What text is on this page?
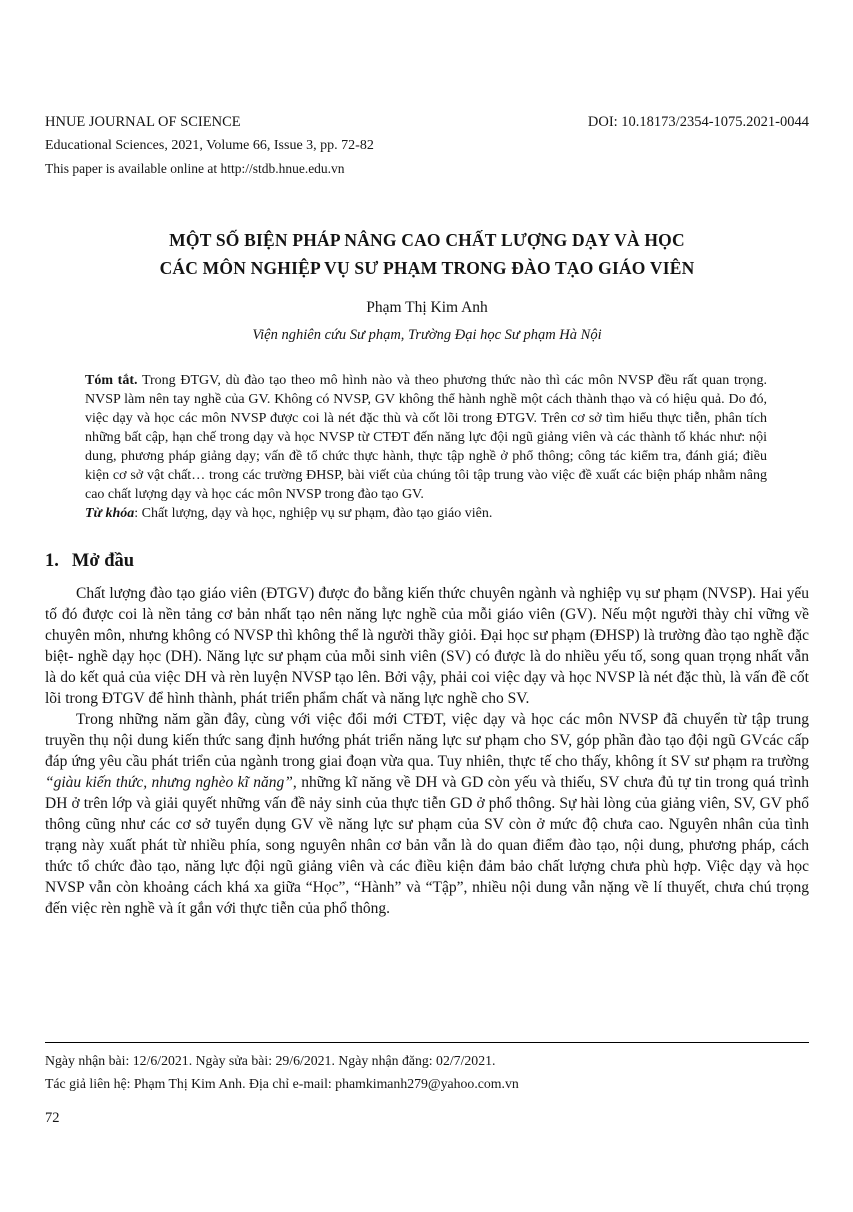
HNUE JOURNAL OF SCIENCE	DOI: 10.18173/2354-1075.2021-0044
Educational Sciences, 2021, Volume 66, Issue 3, pp. 72-82
This paper is available online at http://stdb.hnue.edu.vn
MỘT SỐ BIỆN PHÁP NÂNG CAO CHẤT LƯỢNG DẠY VÀ HỌC
CÁC MÔN NGHIỆP VỤ SƯ PHẠM TRONG ĐÀO TẠO GIÁO VIÊN
Phạm Thị Kim Anh
Viện nghiên cứu Sư phạm, Trường Đại học Sư phạm Hà Nội

Tóm tắt. Trong ĐTGV, dù đào tạo theo mô hình nào và theo phương thức nào thì các môn NVSP đều rất quan trọng. NVSP làm nên tay nghề của GV. Không có NVSP, GV không thể hành nghề một cách thành thạo và có hiệu quả. Do đó, việc dạy và học các môn NVSP được coi là nét đặc thù và cốt lõi trong ĐTGV. Trên cơ sở tìm hiểu thực tiễn, phân tích những bất cập, hạn chế trong dạy và học NVSP từ CTĐT đến năng lực đội ngũ giảng viên và các thành tố khác như: nội dung, phương pháp giảng dạy; vấn đề tổ chức thực hành, thực tập nghề ở phổ thông; công tác kiểm tra, đánh giá; điều kiện cơ sở vật chất… trong các trường ĐHSP, bài viết của chúng tôi tập trung vào việc đề xuất các biện pháp nhằm nâng cao chất lượng dạy và học các môn NVSP trong đào tạo GV.

Từ khóa: Chất lượng, dạy và học, nghiệp vụ sư phạm, đào tạo giáo viên.

1. Mở đầu

Chất lượng đào tạo giáo viên (ĐTGV) được đo bằng kiến thức chuyên ngành và nghiệp vụ sư phạm (NVSP). Hai yếu tố đó được coi là nền tảng cơ bản nhất tạo nên năng lực nghề của mỗi giáo viên (GV). Nếu một người thày chỉ vững về chuyên môn, nhưng không có NVSP thì không thể là người thầy giỏi. Đại học sư phạm (ĐHSP) là trường đào tạo nghề đặc biệt- nghề dạy học (DH). Năng lực sư phạm của mỗi sinh viên (SV) có được là do nhiều yếu tố, song quan trọng nhất vẫn là do kết quả của việc DH và rèn luyện NVSP tạo lên. Bởi vậy, phải coi việc dạy và học NVSP là nét đặc thù, là vấn đề cốt lõi trong ĐTGV để hình thành, phát triển phẩm chất và năng lực nghề cho SV.

Trong những năm gần đây, cùng với việc đổi mới CTĐT, việc dạy và học các môn NVSP đã chuyển từ tập trung truyền thụ nội dung kiến thức sang định hướng phát triển năng lực sư phạm cho SV, góp phần đào tạo đội ngũ GVcác cấp đáp ứng yêu cầu phát triển của ngành trong giai đoạn vừa qua. Tuy nhiên, thực tế cho thấy, không ít SV sư phạm ra trường “giàu kiến thức, nhưng nghèo kĩ năng”, những kĩ năng về DH và GD còn yếu và thiếu, SV chưa đủ tự tin trong quá trình DH ở trên lớp và giải quyết những vấn đề nảy sinh của thực tiễn GD ở phổ thông. Sự hài lòng của giảng viên, SV, GV phổ thông cũng như các cơ sở tuyển dụng GV về năng lực sư phạm của SV còn ở mức độ chưa cao. Nguyên nhân của tình trạng này xuất phát từ nhiều phía, song nguyên nhân cơ bản vẫn là do quan điểm đào tạo, nội dung, phương pháp, cách thức tổ chức đào tạo, năng lực đội ngũ giảng viên và các điều kiện đảm bảo chất lượng chưa phù hợp. Việc dạy và học NVSP vẫn còn khoảng cách khá xa giữa “Học”, “Hành” và “Tập”, nhiều nội dung vẫn nặng về lí thuyết, chưa chú trọng đến việc rèn nghề và ít gắn với thực tiễn của phổ thông.

Ngày nhận bài: 12/6/2021. Ngày sửa bài: 29/6/2021. Ngày nhận đăng: 02/7/2021.
Tác giả liên hệ: Phạm Thị Kim Anh. Địa chỉ e-mail: phamkimanh279@yahoo.com.vn
72
